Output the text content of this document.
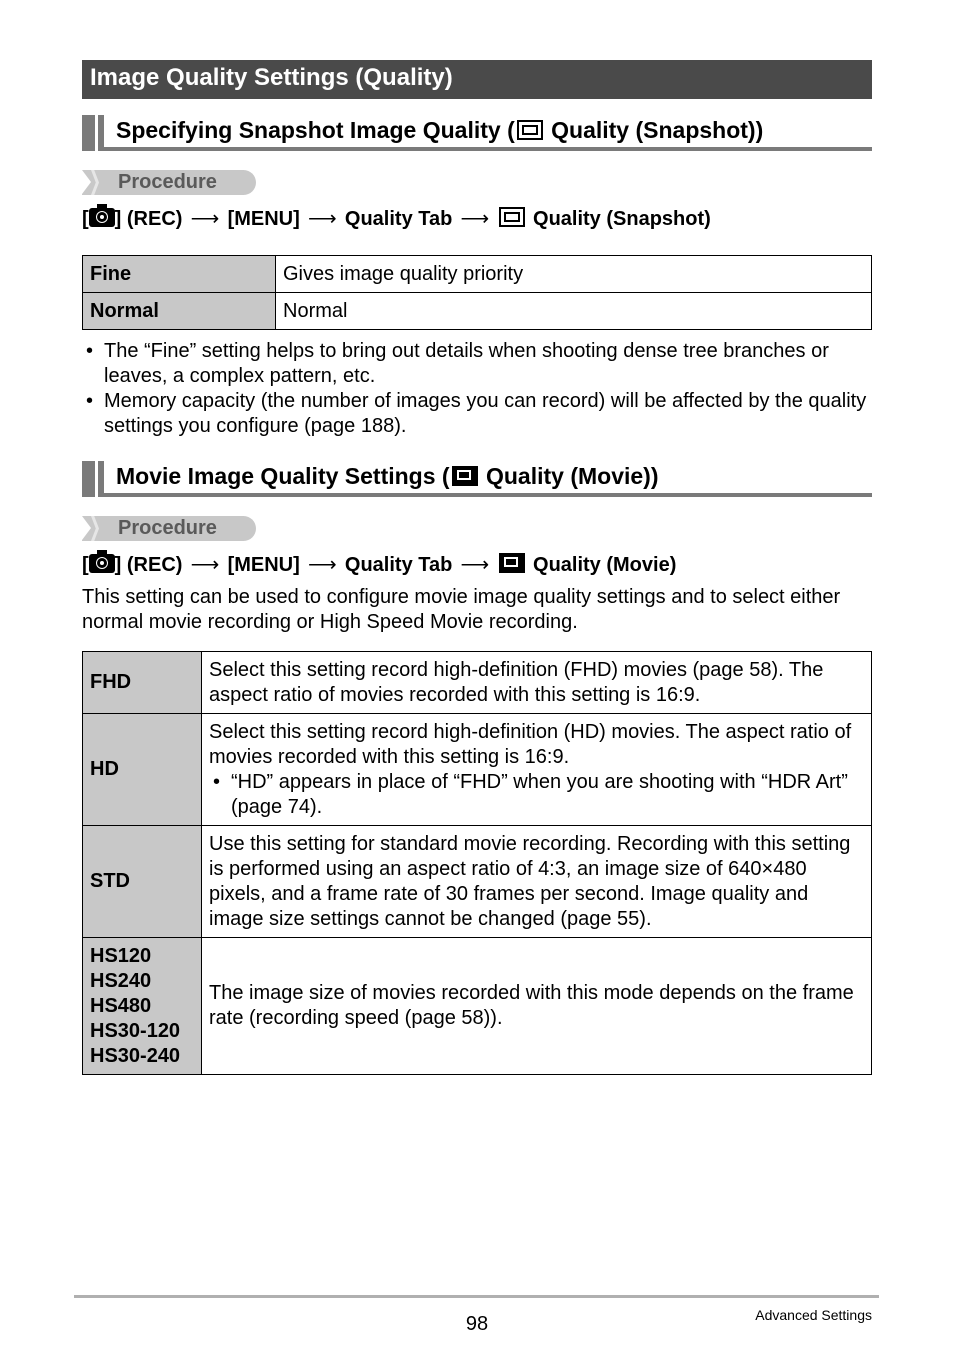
Image Quality Settings (Quality)
Specifying Snapshot Image Quality ( Quality (Snapshot))
Procedure
[ ] (REC) ⟶ [MENU] ⟶ Quality Tab ⟶ Quality (Snapshot)
Fine	Gives image quality priority
Normal	Normal
• The “Fine” setting helps to bring out details when shooting dense tree branches or leaves, a complex pattern, etc.
• Memory capacity (the number of images you can record) will be affected by the quality settings you configure (page 188).
Movie Image Quality Settings ( Quality (Movie))
Procedure
[ ] (REC) ⟶ [MENU] ⟶ Quality Tab ⟶ Quality (Movie)
This setting can be used to configure movie image quality settings and to select either normal movie recording or High Speed Movie recording.
FHD	Select this setting record high-definition (FHD) movies (page 58). The aspect ratio of movies recorded with this setting is 16:9.
HD	Select this setting record high-definition (HD) movies. The aspect ratio of movies recorded with this setting is 16:9.
• “HD” appears in place of “FHD” when you are shooting with “HDR Art” (page 74).

STD	Use this setting for standard movie recording. Recording with this setting is performed using an aspect ratio of 4:3, an image size of 640×480 pixels, and a frame rate of 30 frames per second. Image quality and image size settings cannot be changed (page 55).

HS120
HS240
HS480
HS30-120
HS30-240	The image size of movies recorded with this mode depends on the frame rate (recording speed (page 58)).
98	Advanced Settings
